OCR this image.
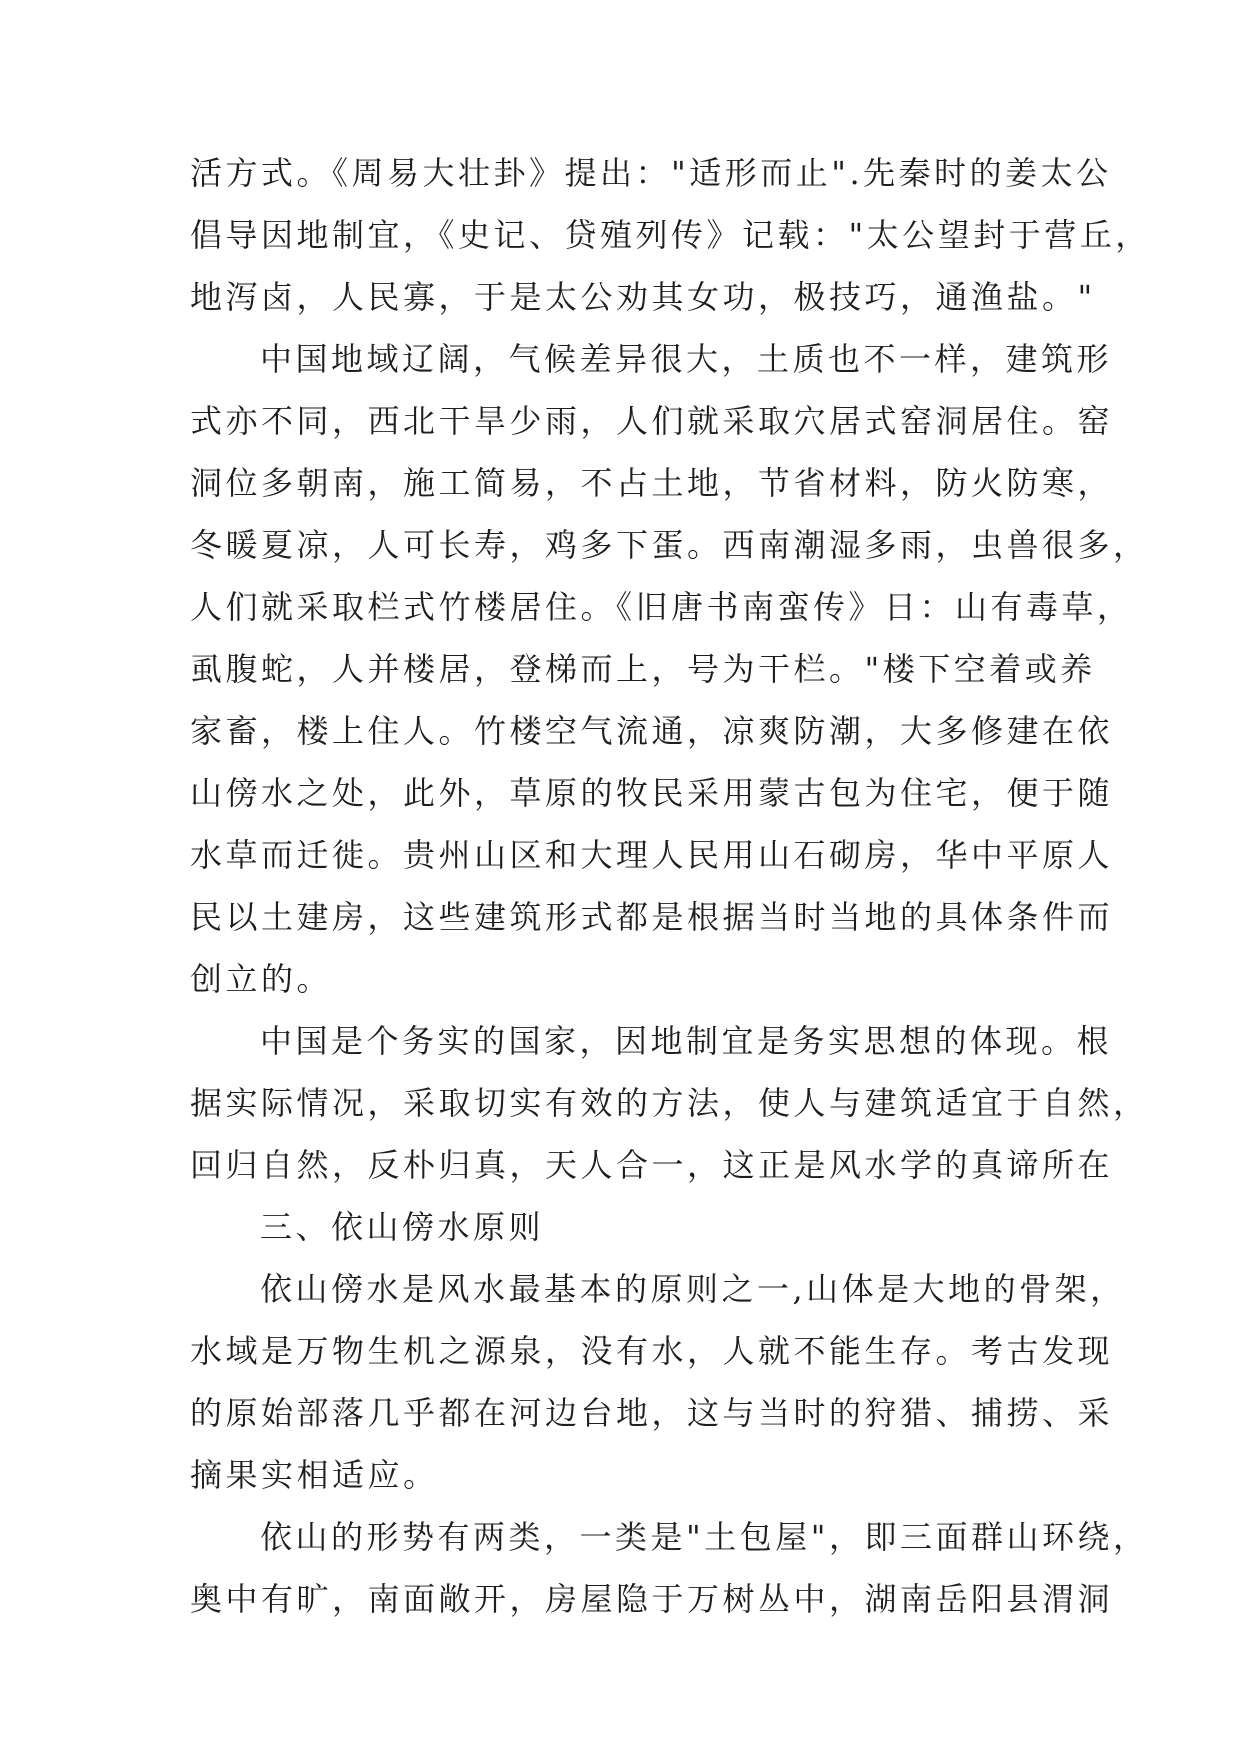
活方式。《周易大壮卦》提出："适形而止".先秦时的姜太公
倡导因地制宜，《史记、贷殖列传》记载："太公望封于营丘，
地泻卤，人民寡，于是太公劝其女功，极技巧，通渔盐。"
中国地域辽阔，气候差异很大，土质也不一样，建筑形
式亦不同，西北干旱少雨，人们就采取穴居式窑洞居住。窑
洞位多朝南，施工简易，不占土地，节省材料，防火防寒，
冬暖夏凉，人可长寿，鸡多下蛋。西南潮湿多雨，虫兽很多，
人们就采取栏式竹楼居住。《旧唐书南蛮传》日：山有毒草，
虱腹蛇，人并楼居，登梯而上，号为干栏。"楼下空着或养
家畜，楼上住人。竹楼空气流通，凉爽防潮，大多修建在依
山傍水之处，此外，草原的牧民采用蒙古包为住宅，便于随
水草而迁徙。贵州山区和大理人民用山石砌房，华中平原人
民以土建房，这些建筑形式都是根据当时当地的具体条件而
创立的。
中国是个务实的国家，因地制宜是务实思想的体现。根
据实际情况，采取切实有效的方法，使人与建筑适宜于自然，
回归自然，反朴归真，天人合一，这正是风水学的真谛所在
三、依山傍水原则
依山傍水是风水最基本的原则之一,山体是大地的骨架，
水域是万物生机之源泉，没有水，人就不能生存。考古发现
的原始部落几乎都在河边台地，这与当时的狩猎、捕捞、采
摘果实相适应。
依山的形势有两类，一类是"土包屋"，即三面群山环绕，
奥中有旷，南面敞开，房屋隐于万树丛中，湖南岳阳县渭洞
